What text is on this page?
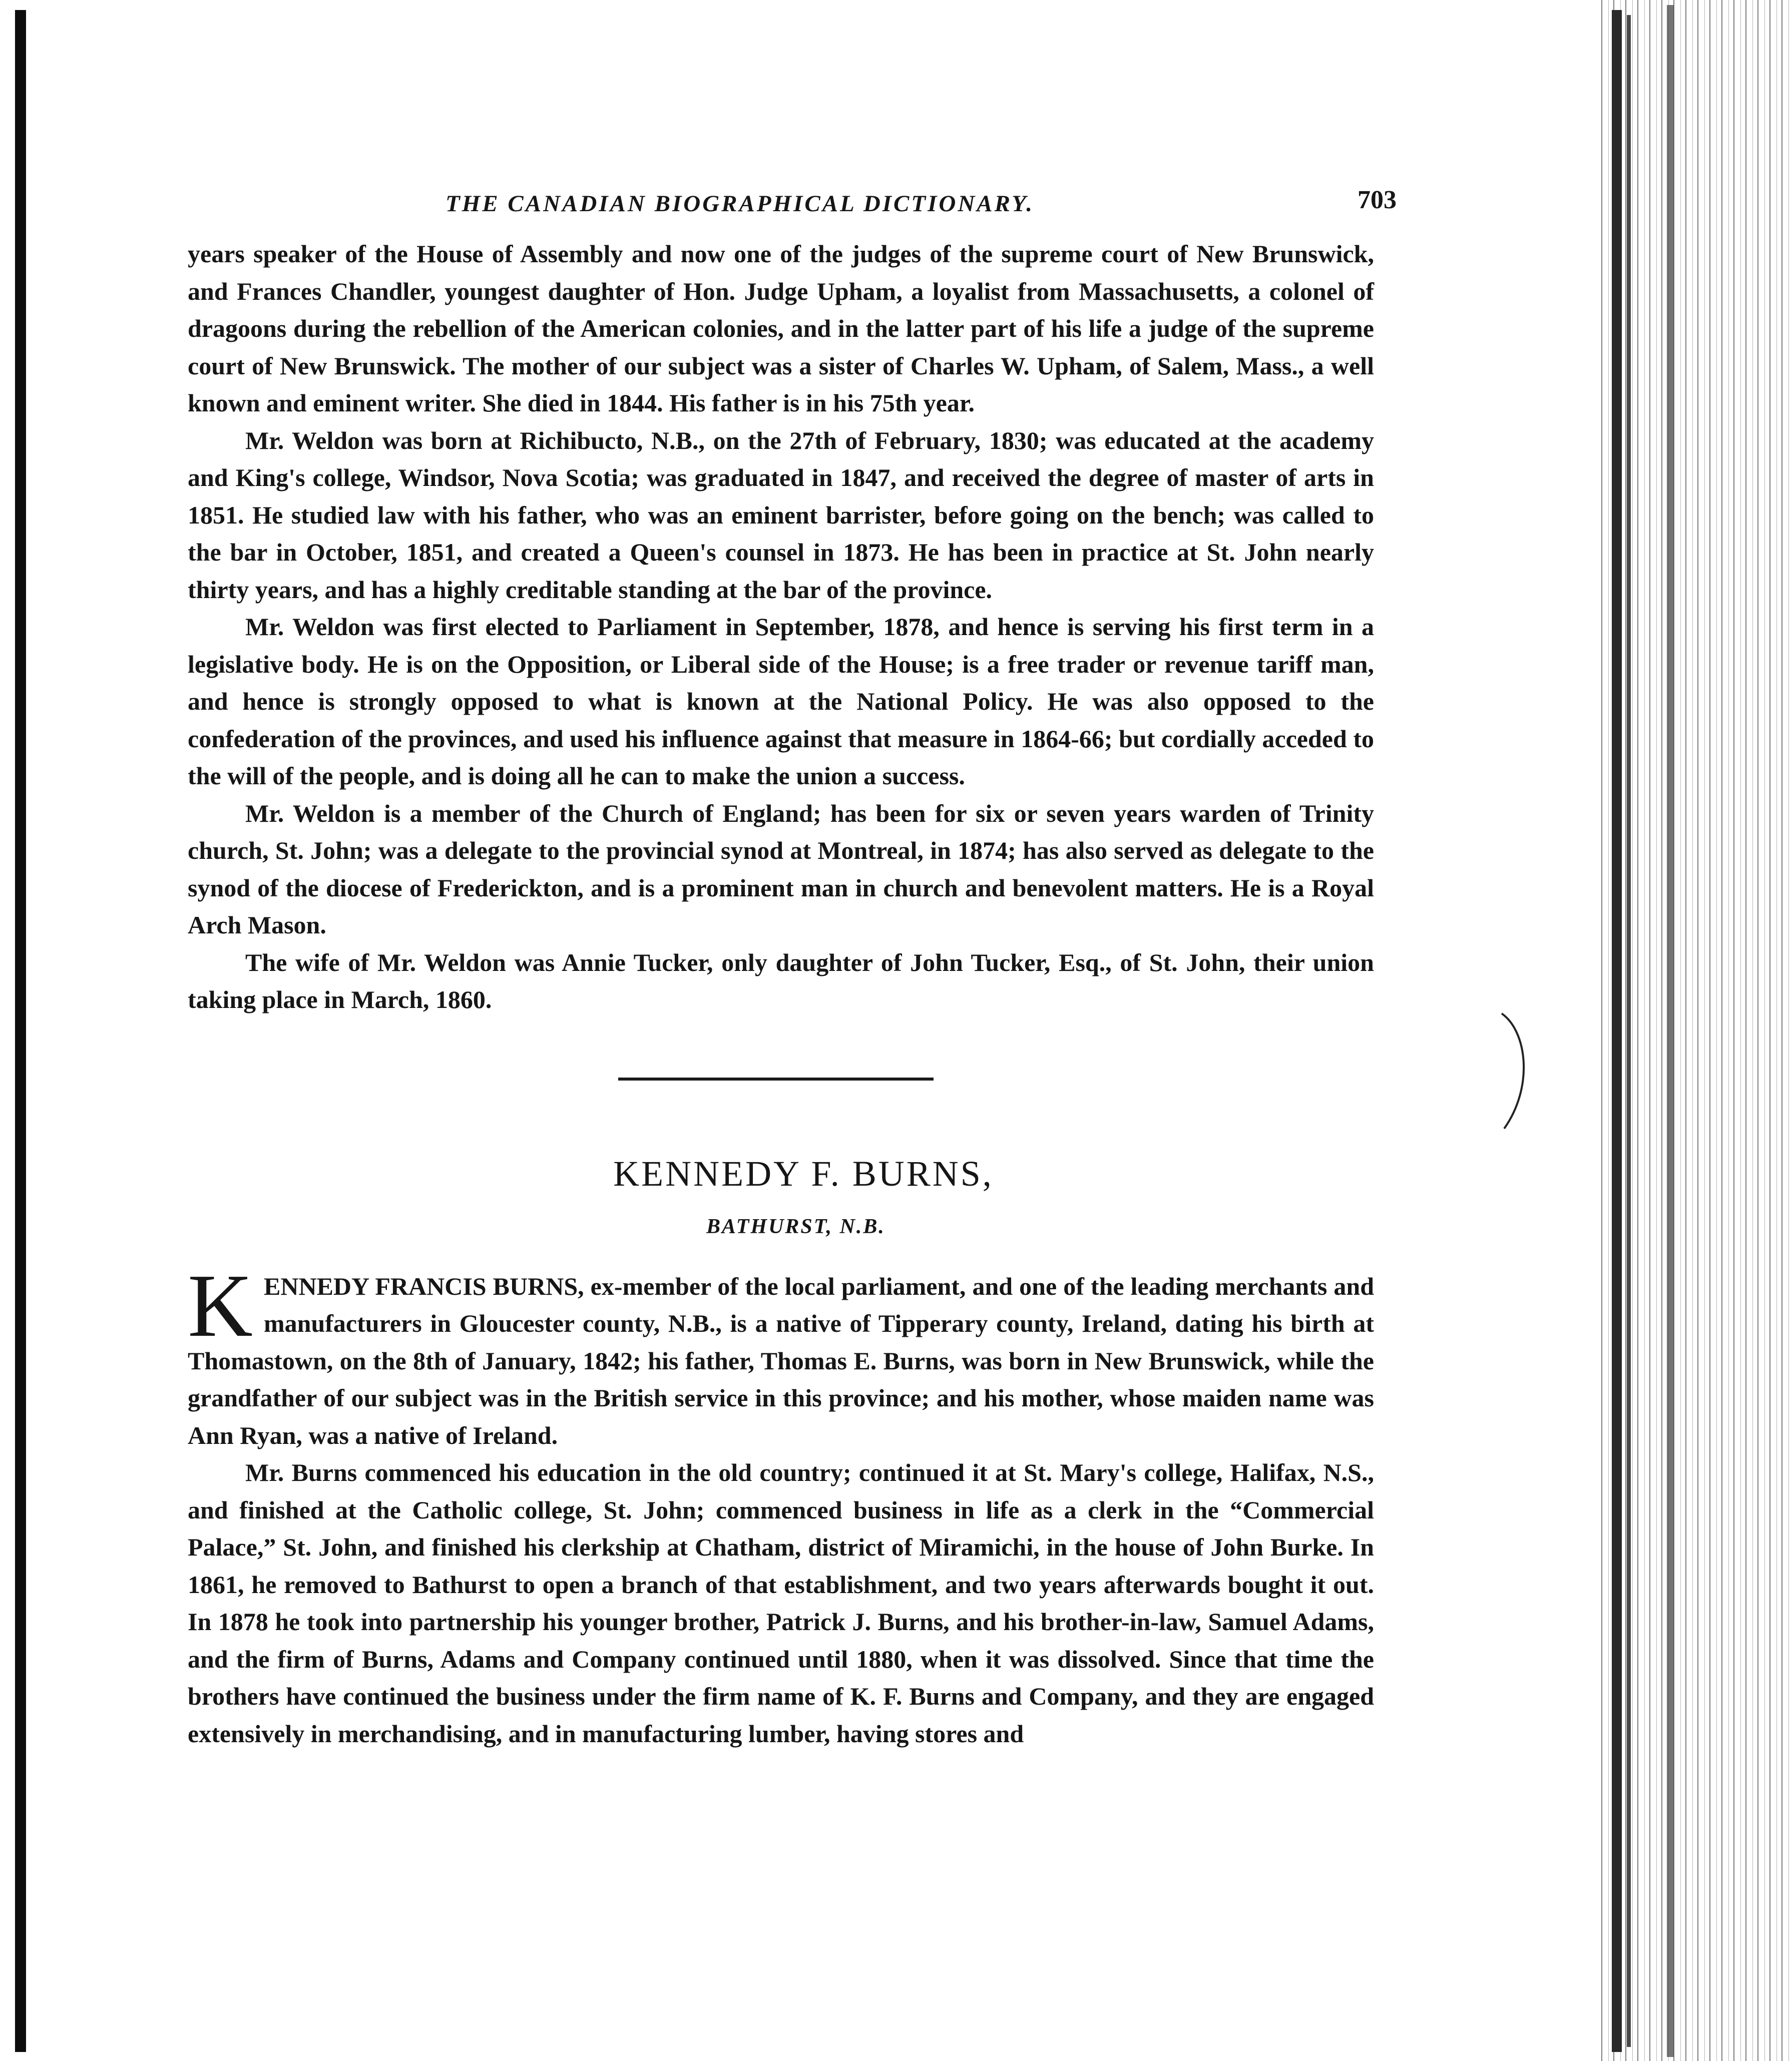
THE CANADIAN BIOGRAPHICAL DICTIONARY.	703

years speaker of the House of Assembly and now one of the judges of the supreme court of New Brunswick, and Frances Chandler, youngest daughter of Hon. Judge Upham, a loyalist from Massachusetts, a colonel of dragoons during the rebellion of the American colonies, and in the latter part of his life a judge of the supreme court of New Brunswick. The mother of our subject was a sister of Charles W. Upham, of Salem, Mass., a well known and eminent writer. She died in 1844. His father is in his 75th year.

Mr. Weldon was born at Richibucto, N.B., on the 27th of February, 1830; was educated at the academy and King's college, Windsor, Nova Scotia; was graduated in 1847, and received the degree of master of arts in 1851. He studied law with his father, who was an eminent barrister, before going on the bench; was called to the bar in October, 1851, and created a Queen's counsel in 1873. He has been in practice at St. John nearly thirty years, and has a highly creditable standing at the bar of the province.

Mr. Weldon was first elected to Parliament in September, 1878, and hence is serving his first term in a legislative body. He is on the Opposition, or Liberal side of the House; is a free trader or revenue tariff man, and hence is strongly opposed to what is known at the National Policy. He was also opposed to the confederation of the provinces, and used his influence against that measure in 1864-66; but cordially acceded to the will of the people, and is doing all he can to make the union a success.

Mr. Weldon is a member of the Church of England; has been for six or seven years warden of Trinity church, St. John; was a delegate to the provincial synod at Montreal, in 1874; has also served as delegate to the synod of the diocese of Frederickton, and is a prominent man in church and benevolent matters. He is a Royal Arch Mason.

The wife of Mr. Weldon was Annie Tucker, only daughter of John Tucker, Esq., of St. John, their union taking place in March, 1860.

KENNEDY F. BURNS,
BATHURST, N.B.

KENNEDY FRANCIS BURNS, ex-member of the local parliament, and one of the leading merchants and manufacturers in Gloucester county, N.B., is a native of Tipperary county, Ireland, dating his birth at Thomastown, on the 8th of January, 1842; his father, Thomas E. Burns, was born in New Brunswick, while the grandfather of our subject was in the British service in this province; and his mother, whose maiden name was Ann Ryan, was a native of Ireland.

Mr. Burns commenced his education in the old country; continued it at St. Mary's college, Halifax, N.S., and finished at the Catholic college, St. John; commenced business in life as a clerk in the “Commercial Palace,” St. John, and finished his clerkship at Chatham, district of Miramichi, in the house of John Burke. In 1861, he removed to Bathurst to open a branch of that establishment, and two years afterwards bought it out. In 1878 he took into partnership his younger brother, Patrick J. Burns, and his brother-in-law, Samuel Adams, and the firm of Burns, Adams and Company continued until 1880, when it was dissolved. Since that time the brothers have continued the business under the firm name of K. F. Burns and Company, and they are engaged extensively in merchandising, and in manufacturing lumber, having stores and
